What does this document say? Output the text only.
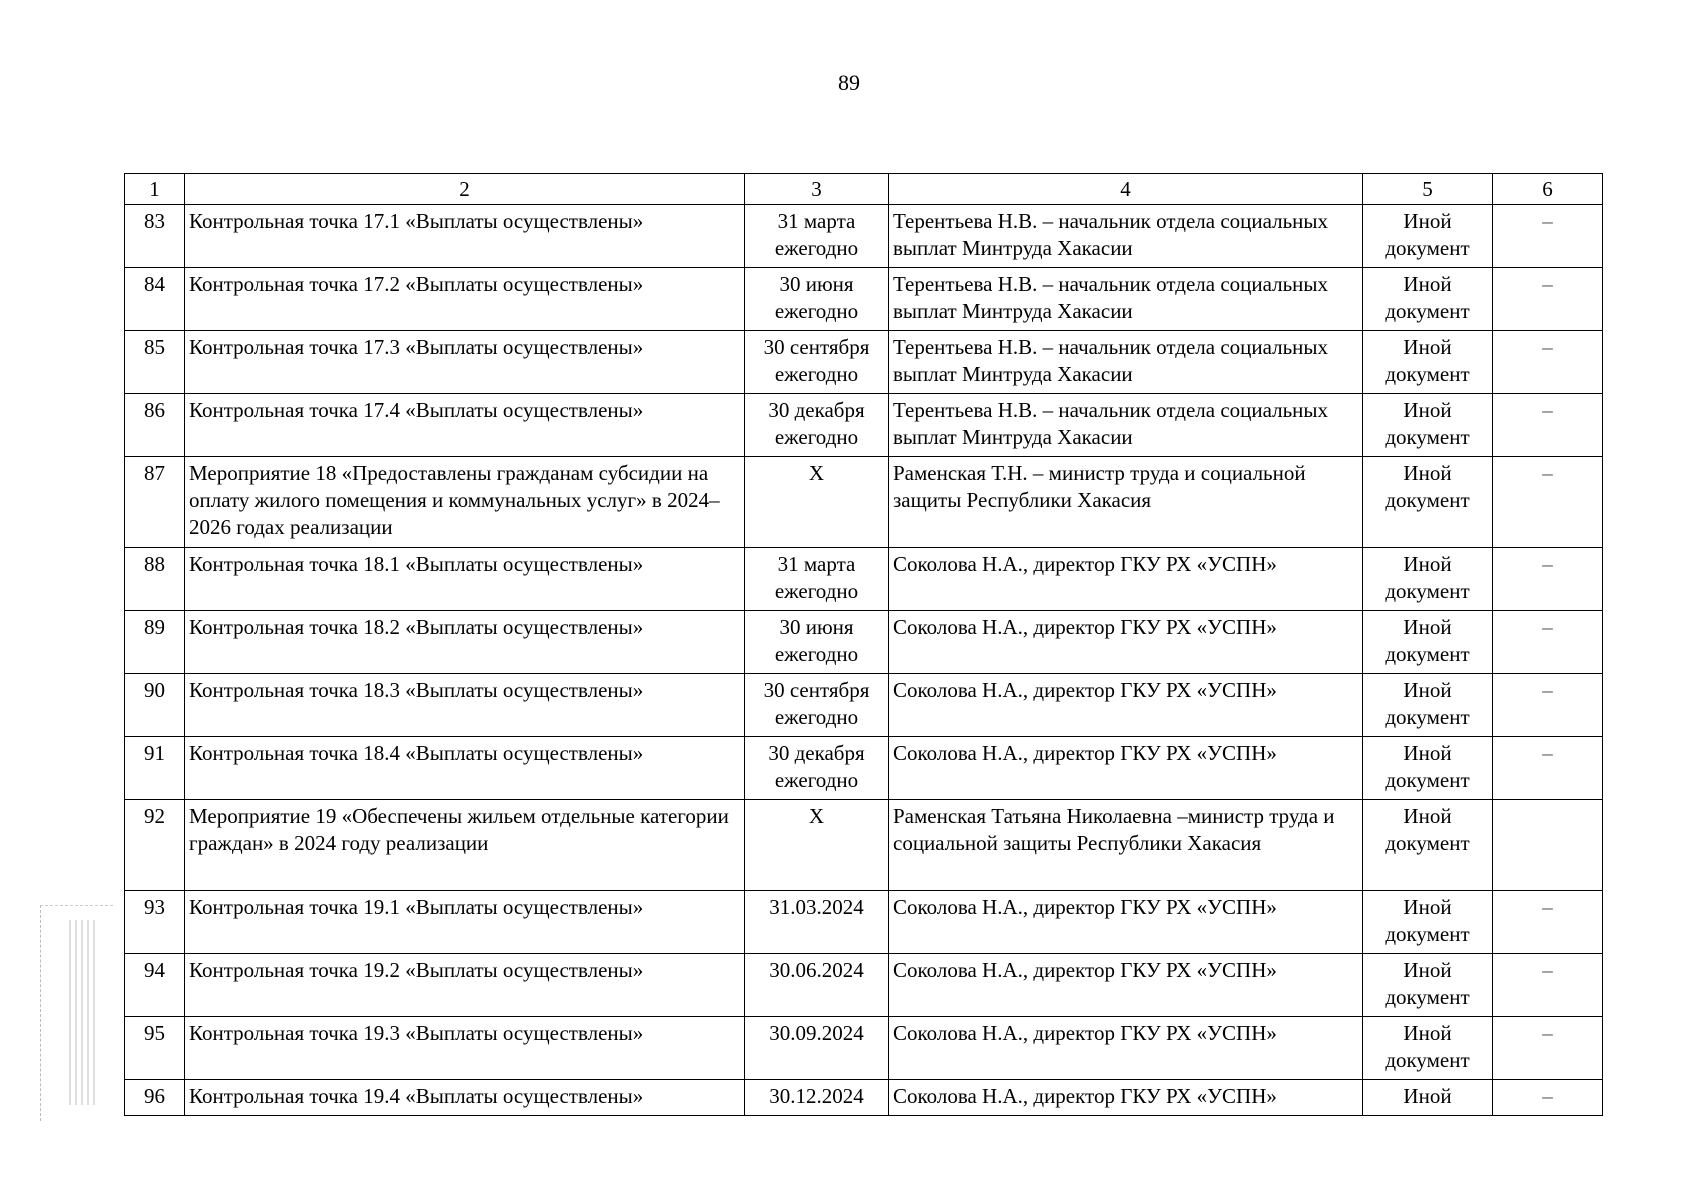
89
1	2	3	4	5	6
83	Контрольная точка 17.1 «Выплаты осуществлены»	31 марта ежегодно	Терентьева Н.В. – начальник отдела социальных выплат Минтруда Хакасии	Иной документ	–
84	Контрольная точка 17.2 «Выплаты осуществлены»	30 июня ежегодно	Терентьева Н.В. – начальник отдела социальных выплат Минтруда Хакасии	Иной документ	–
85	Контрольная точка 17.3 «Выплаты осуществлены»	30 сентября ежегодно	Терентьева Н.В. – начальник отдела социальных выплат Минтруда Хакасии	Иной документ	–
86	Контрольная точка 17.4 «Выплаты осуществлены»	30 декабря ежегодно	Терентьева Н.В. – начальник отдела социальных выплат Минтруда Хакасии	Иной документ	–
87	Мероприятие 18 «Предоставлены гражданам субсидии на оплату жилого помещения и коммунальных услуг» в 2024–2026 годах реализации	Х	Раменская Т.Н. – министр труда и социальной защиты Республики Хакасия	Иной документ	–
88	Контрольная точка 18.1 «Выплаты осуществлены»	31 марта ежегодно	Соколова Н.А., директор ГКУ РХ «УСПН»	Иной документ	–
89	Контрольная точка 18.2 «Выплаты осуществлены»	30 июня ежегодно	Соколова Н.А., директор ГКУ РХ «УСПН»	Иной документ	–
90	Контрольная точка 18.3 «Выплаты осуществлены»	30 сентября ежегодно	Соколова Н.А., директор ГКУ РХ «УСПН»	Иной документ	–
91	Контрольная точка 18.4 «Выплаты осуществлены»	30 декабря ежегодно	Соколова Н.А., директор ГКУ РХ «УСПН»	Иной документ	–
92	Мероприятие 19 «Обеспечены жильем отдельные категории граждан» в 2024 году реализации	Х	Раменская Татьяна Николаевна –министр труда и социальной защиты Республики Хакасия	Иной документ	
93	Контрольная точка 19.1 «Выплаты осуществлены»	31.03.2024	Соколова Н.А., директор ГКУ РХ «УСПН»	Иной документ	–
94	Контрольная точка 19.2 «Выплаты осуществлены»	30.06.2024	Соколова Н.А., директор ГКУ РХ «УСПН»	Иной документ	–
95	Контрольная точка 19.3 «Выплаты осуществлены»	30.09.2024	Соколова Н.А., директор ГКУ РХ «УСПН»	Иной документ	–
96	Контрольная точка 19.4 «Выплаты осуществлены»	30.12.2024	Соколова Н.А., директор ГКУ РХ «УСПН»	Иной	–
